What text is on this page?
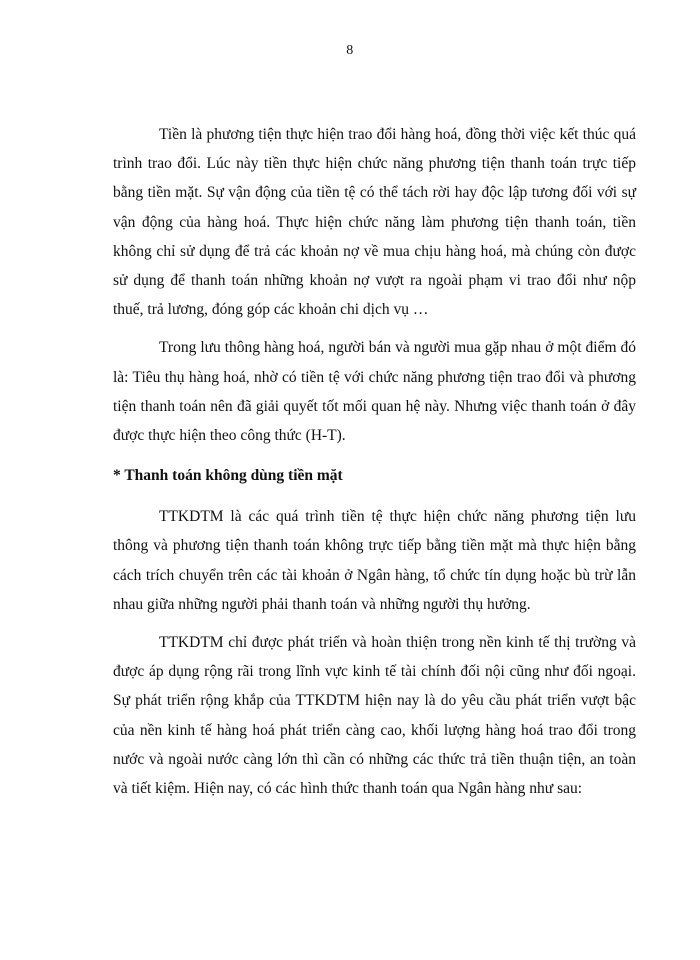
8

Tiền là phương tiện thực hiện trao đổi hàng hoá, đồng thời việc kết thúc quá trình trao đổi. Lúc này tiền thực hiện chức năng phương tiện thanh toán trực tiếp bằng tiền mặt. Sự vận động của tiền tệ có thể tách rời hay độc lập tương đối với sự vận động của hàng hoá. Thực hiện chức năng làm phương tiện thanh toán, tiền không chỉ sử dụng để trả các khoản nợ về mua chịu hàng hoá, mà chúng còn được sử dụng để thanh toán những khoản nợ vượt ra ngoài phạm vi trao đổi như nộp thuế, trả lương, đóng góp các khoản chi dịch vụ …

Trong lưu thông hàng hoá, người bán và người mua gặp nhau ở một điểm đó là: Tiêu thụ hàng hoá, nhờ có tiền tệ với chức năng phương tiện trao đổi và phương tiện thanh toán nên đã giải quyết tốt mối quan hệ này. Nhưng việc thanh toán ở đây được thực hiện theo công thức (H-T).

* Thanh toán không dùng tiền mặt

TTKDTM là các quá trình tiền tệ thực hiện chức năng phương tiện lưu thông và phương tiện thanh toán không trực tiếp bằng tiền mặt mà thực hiện bằng cách trích chuyển trên các tài khoản ở Ngân hàng, tổ chức tín dụng hoặc bù trừ lẫn nhau giữa những người phải thanh toán và những người thụ hưởng.

TTKDTM chỉ được phát triển và hoàn thiện trong nền kinh tế thị trường và được áp dụng rộng rãi trong lĩnh vực kinh tế tài chính đối nội cũng như đối ngoại. Sự phát triển rộng khắp của TTKDTM hiện nay là do yêu cầu phát triển vượt bậc của nền kinh tế hàng hoá phát triển càng cao, khối lượng hàng hoá trao đổi trong nước và ngoài nước càng lớn thì cần có những các thức trả tiền thuận tiện, an toàn và tiết kiệm. Hiện nay, có các hình thức thanh toán qua Ngân hàng như sau:
